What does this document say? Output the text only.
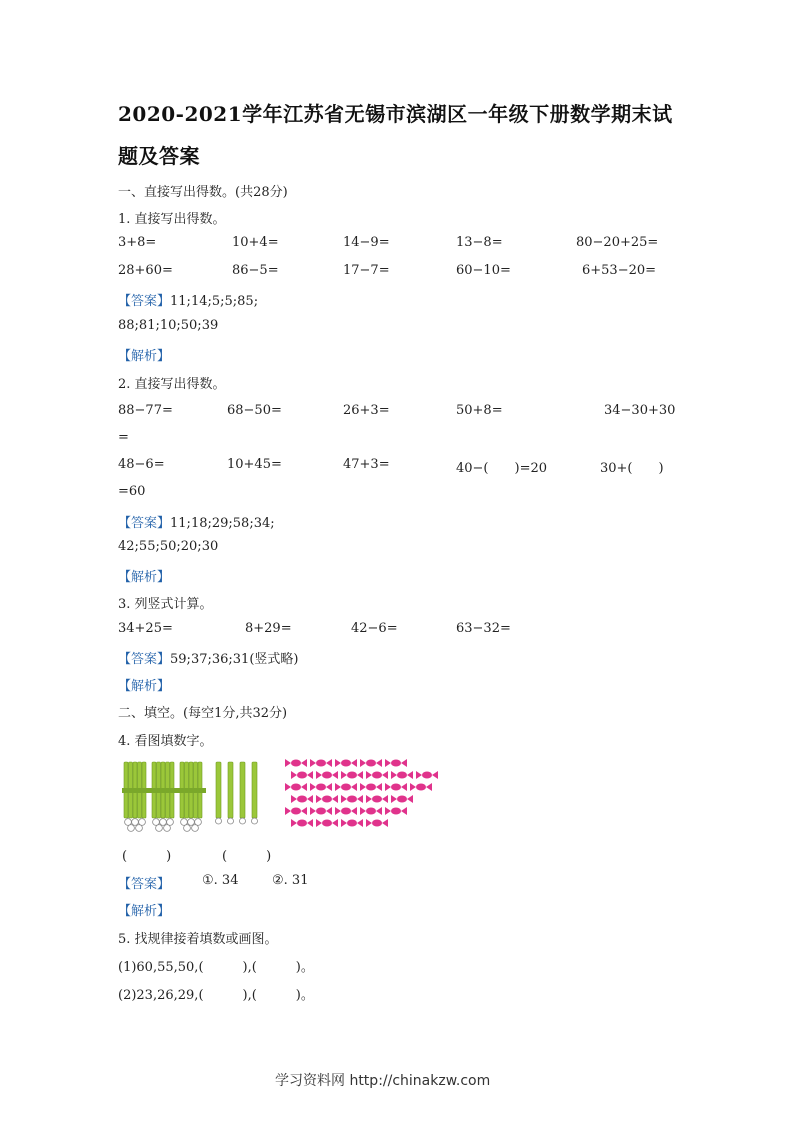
2020-2021学年江苏省无锡市滨湖区一年级下册数学期末试
题及答案
一、直接写出得数。(共28分)
1. 直接写出得数。
3+8=	10+4=	14−9=	13−8=	80−20+25=
28+60=	86−5=	17−7=	60−10=	6+53−20=
【答案】11;14;5;5;85;
88;81;10;50;39
【解析】
2. 直接写出得数。
88−77=	68−50=	26+3=	50+8=	34−30+30
=
48−6=	10+45=	47+3=	40−(　　)=20	30+(　　)
=60
【答案】11;18;29;58;34;
42;55;50;20;30
【解析】
3. 列竖式计算。
34+25=	8+29=	42−6=	63−32=
【答案】59;37;36;31(竖式略)
【解析】
二、填空。(每空1分,共32分)
4. 看图填数字。
(　　　)	(　　　)
【答案】 ①. 34	②. 31
【解析】
5. 找规律接着填数或画图。
(1)60,55,50,(　　　),(　　　)。
(2)23,26,29,(　　　),(　　　)。
学习资料网 http://chinakzw.com
